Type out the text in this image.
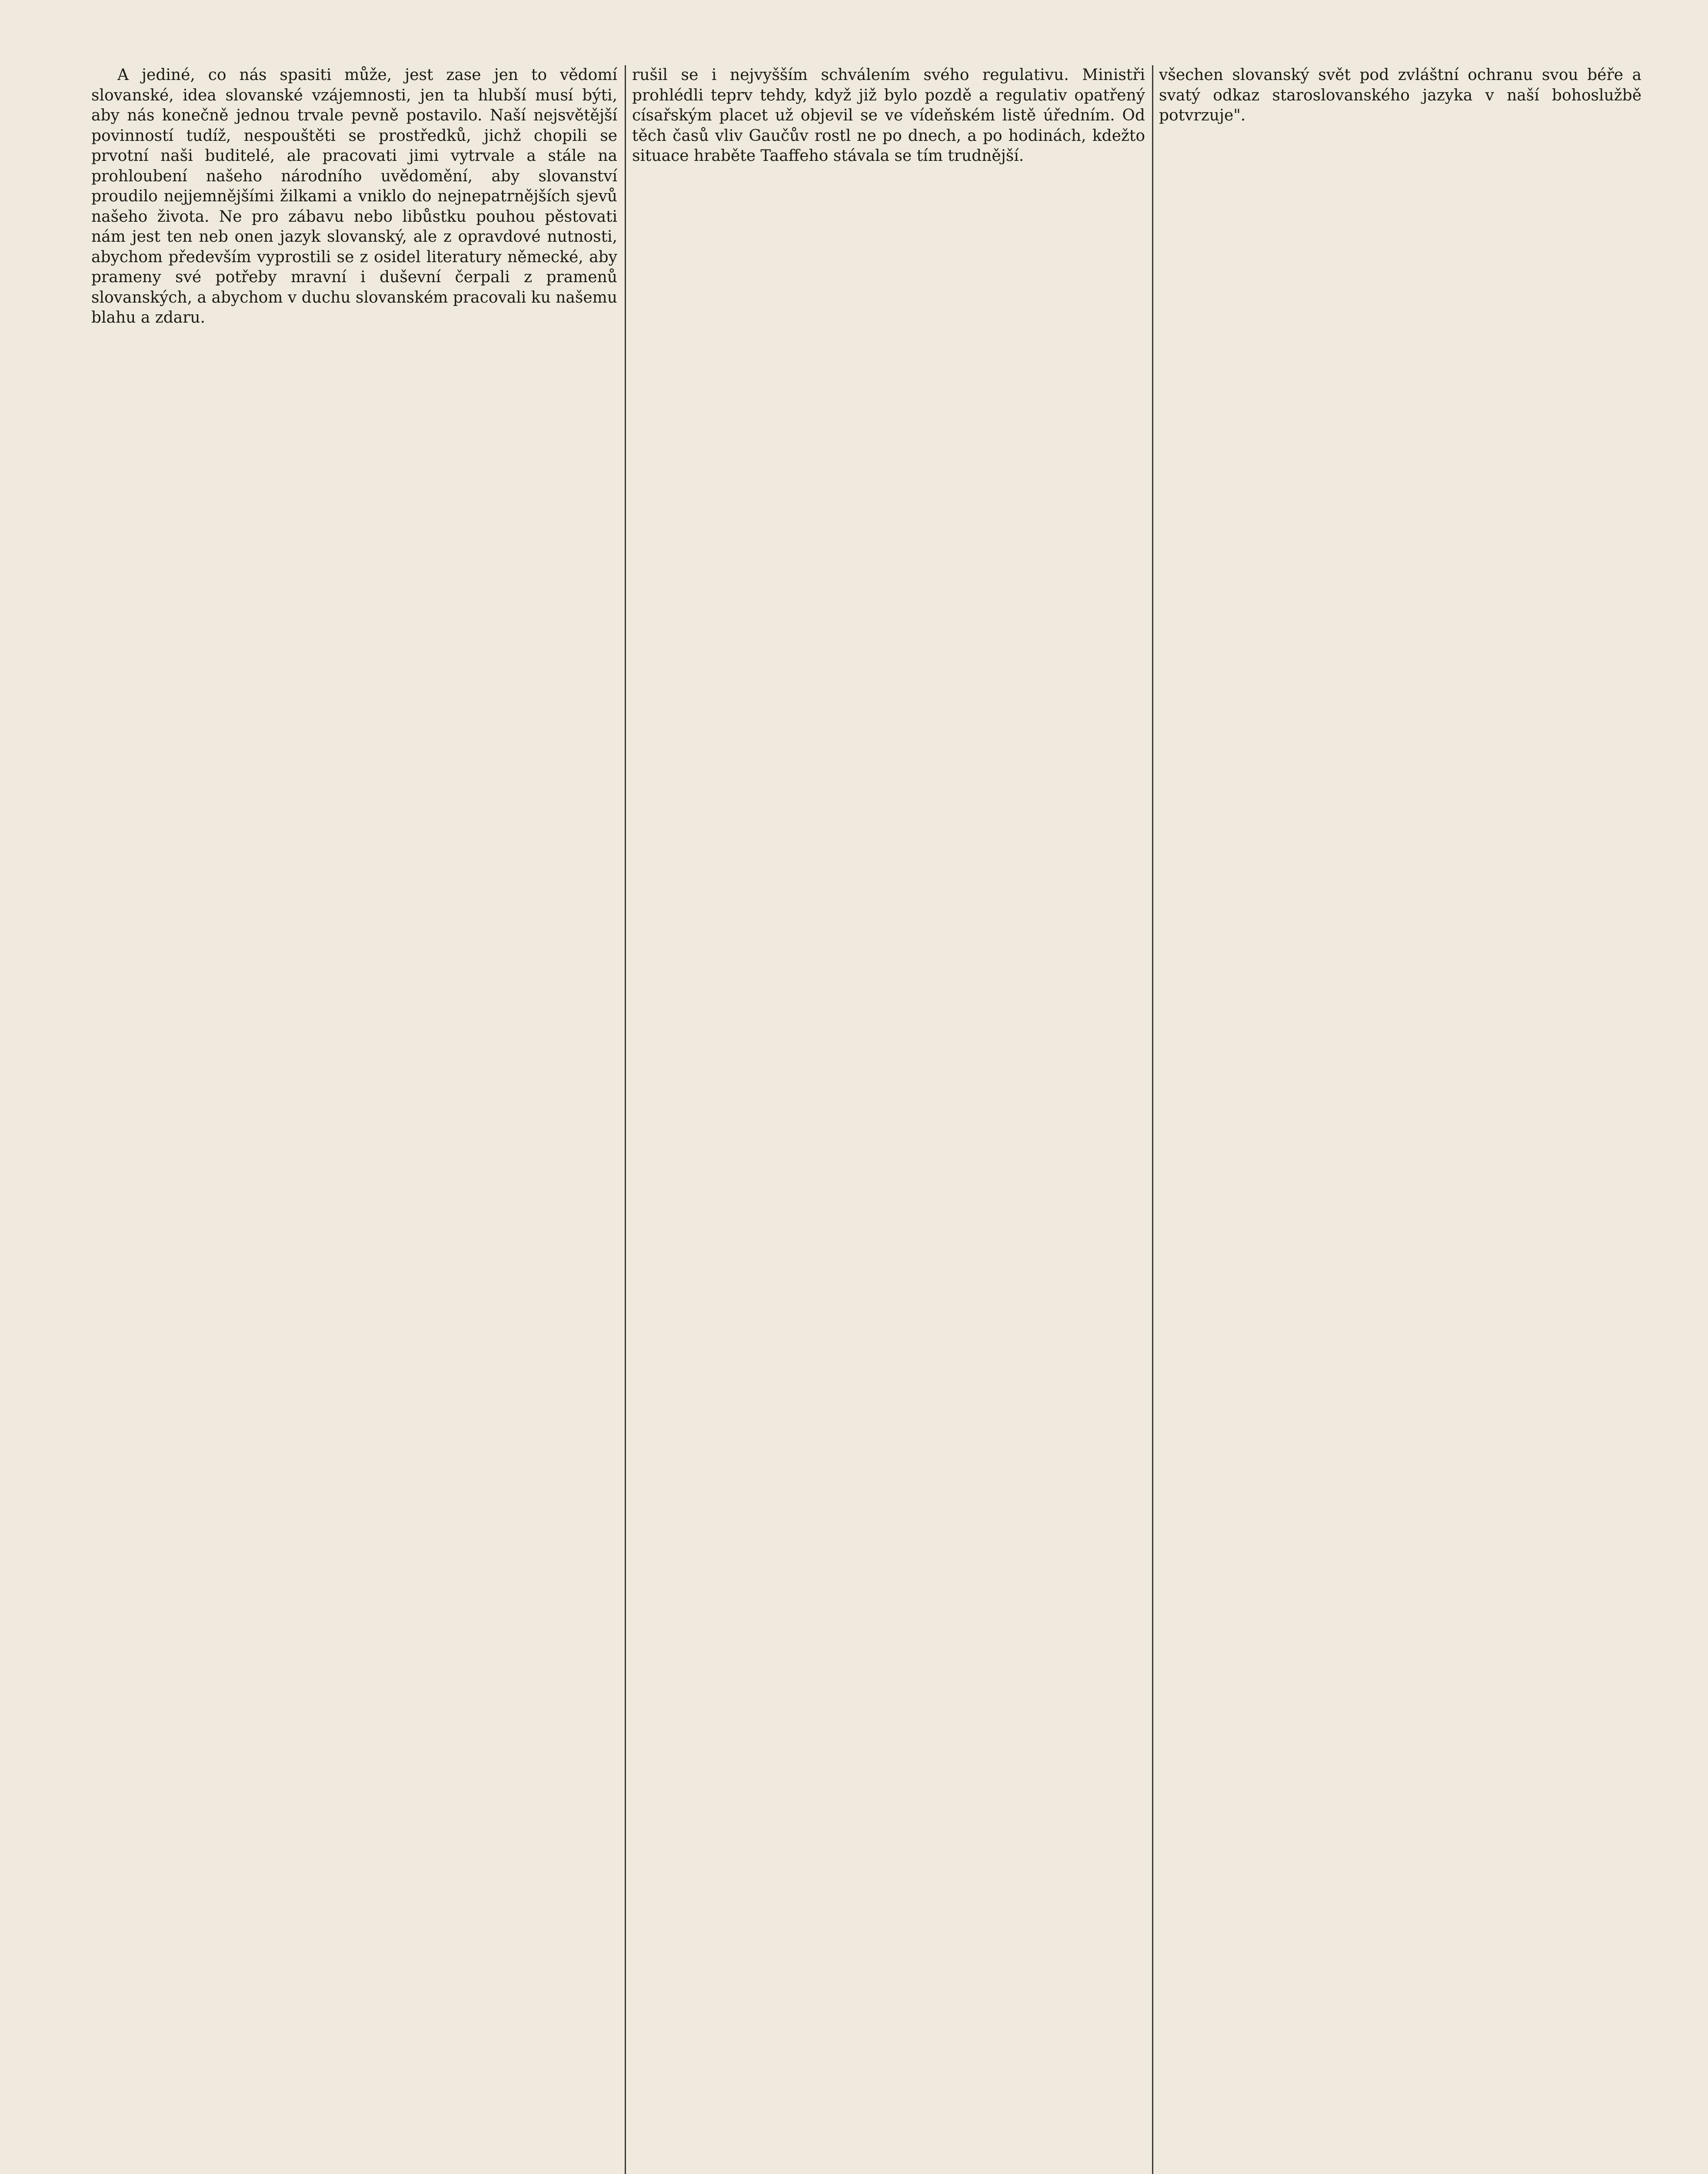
A jediné, co nás spasiti může, jest zase jen to vědomí slovanské, idea slovanské vzájemnosti, jen ta hlubší musí býti, aby nás konečně jednou trvale pevně postavilo. Naší nejsvětější povinností tudíž, nespouštěti se prostředků, jichž chopili se prvotní naši buditelé, ale pracovati jimi vytrvale a stále na prohloubení našeho národního uvědomění, aby slovanství proudilo nejjemnějšími žilkami a vniklo do nejnepatrnějších sjevů našeho života. Ne pro zábavu nebo libůstku pouhou pěstovati nám jest ten neb onen jazyk slovanský, ale z opravdové nutnosti, abychom především vyprostili se z osidel literatury německé, aby prameny své potřeby mravní i duševní čerpali z pramenů slovanských, a abychom v duchu slovanském pracovali ku našemu blahu a zdaru.

rušil se i nejvyšším schválením svého regulativu. Ministři prohlédli teprv tehdy, když již bylo pozdě a regulativ opatřený císařským placet už objevil se ve vídeňském listě úředním. Od těch časů vliv Gaučův rostl ne po dnech, a po hodinách, kdežto situace hraběte Taaffeho stávala se tím trudnější.

všechen slovanský svět pod zvláštní ochranu svou béře a svatý odkaz staroslovanského jazyka v naší bohoslužbě potvrzuje".
